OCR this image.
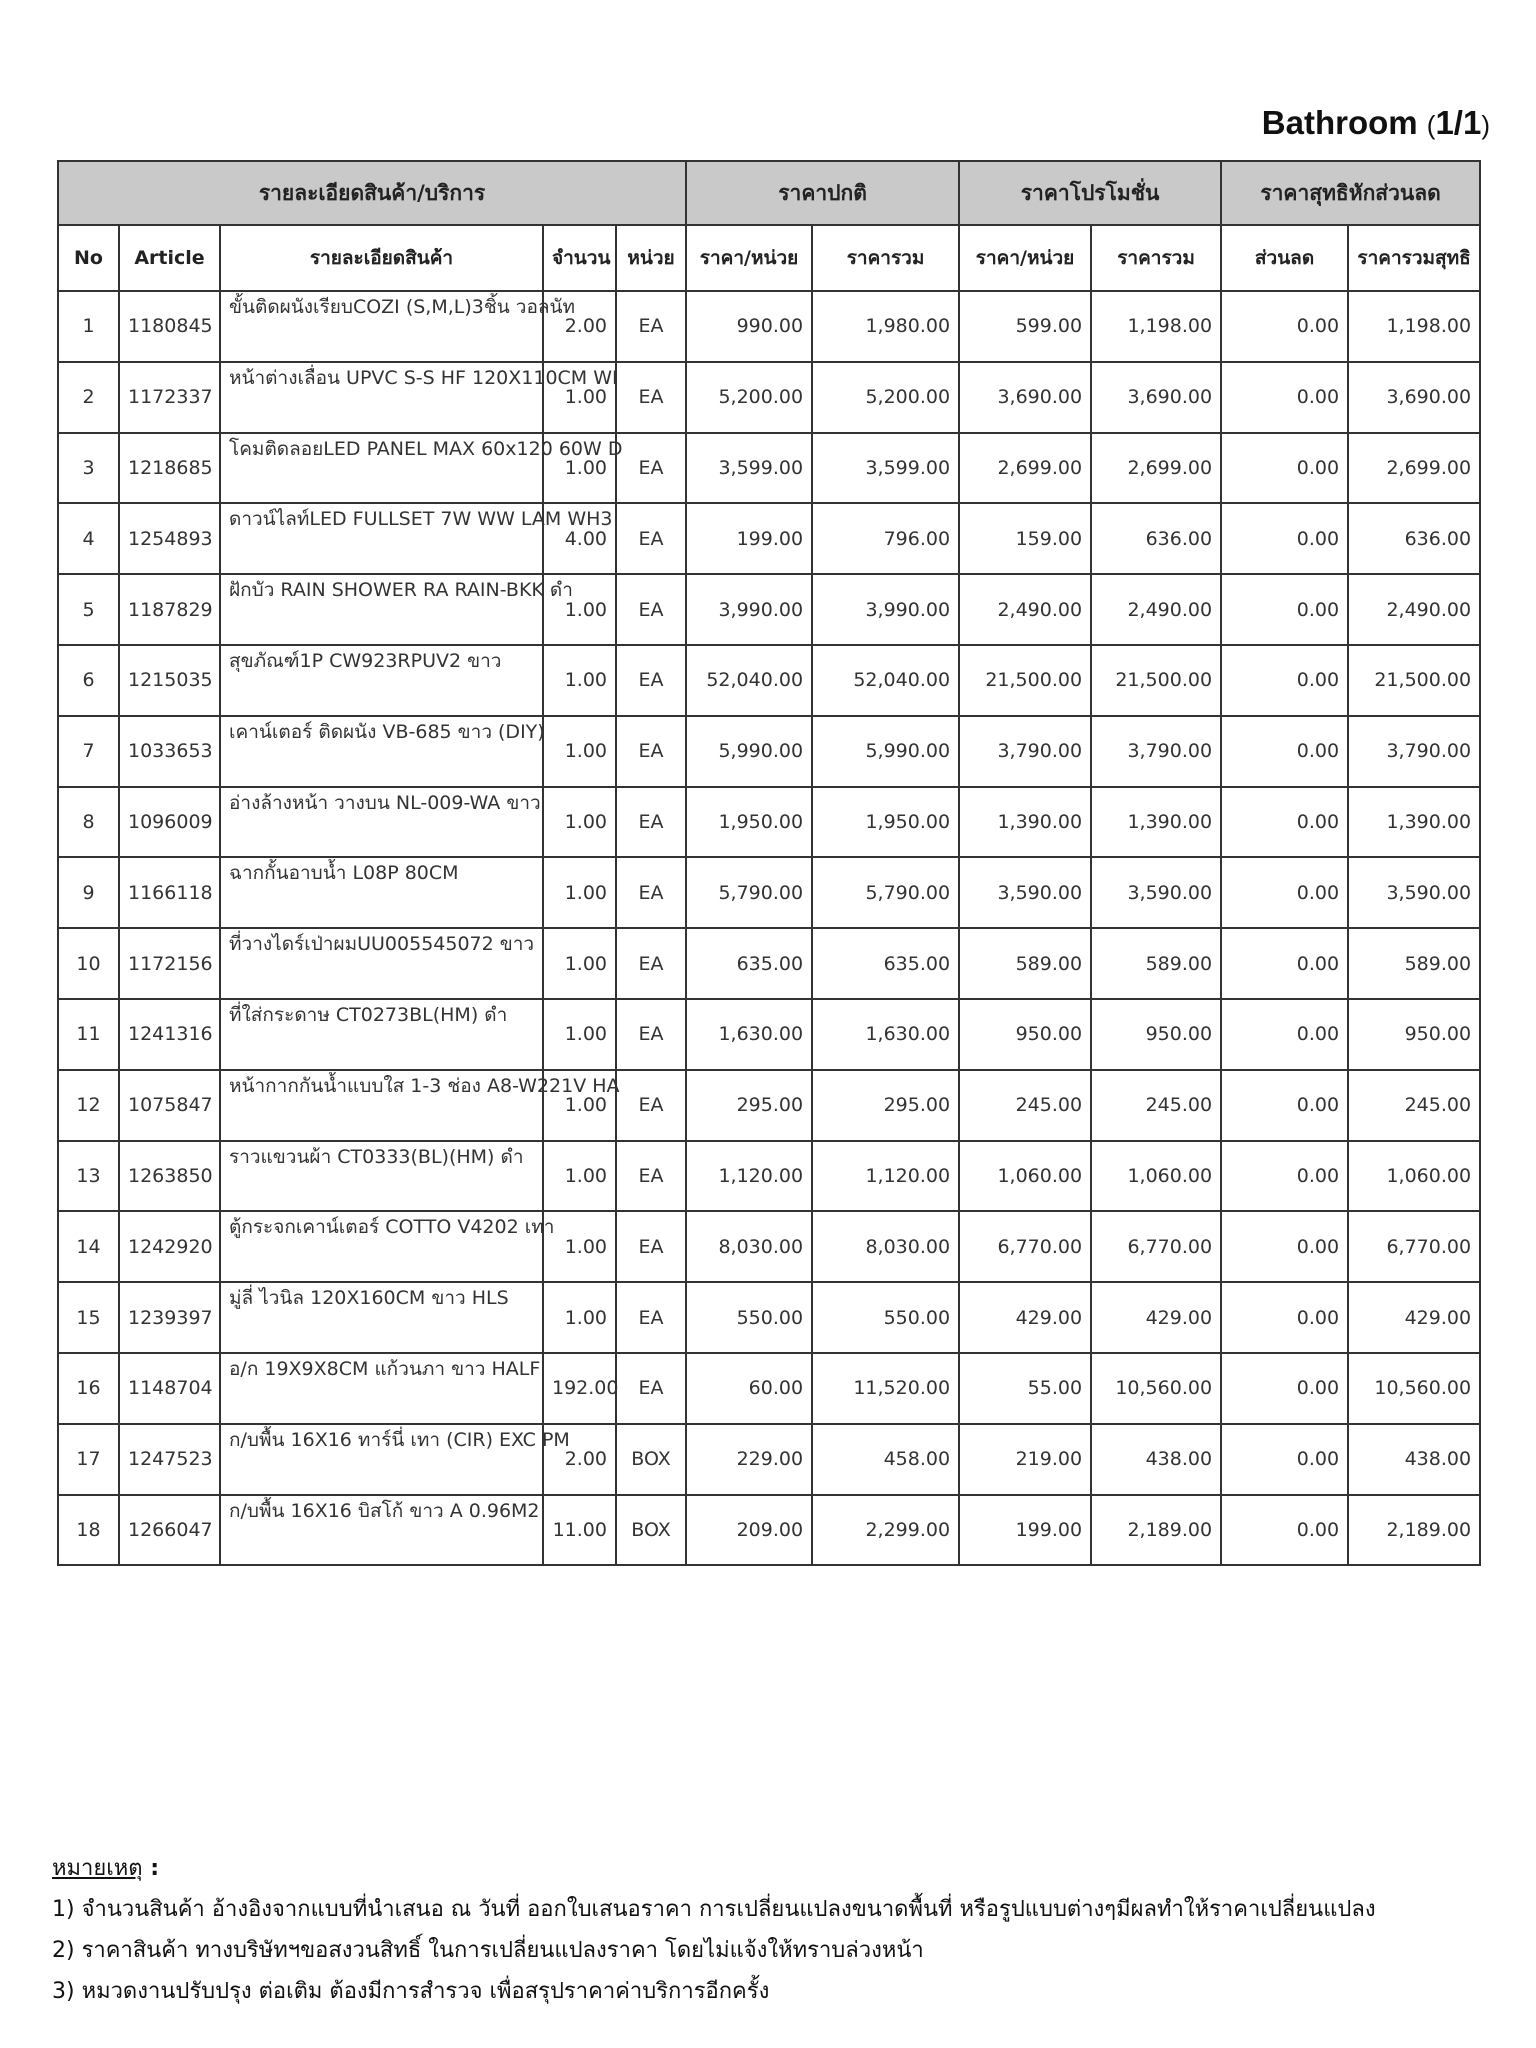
Bathroom (1/1)
รายละเอียดสินค้า/บริการ					ราคาปกติ		ราคาโปรโมชั่น		ราคาสุทธิหักส่วนลด	
No	Article	รายละเอียดสินค้า	จำนวน	หน่วย	ราคา/หน่วย	ราคารวม	ราคา/หน่วย	ราคารวม	ส่วนลด	ราคารวมสุทธิ
1	1180845	ขั้นติดผนังเรียบCOZI (S,M,L)3ชิ้น วอลนัท	2.00	EA	990.00	1,980.00	599.00	1,198.00	0.00	1,198.00
2	1172337	หน้าต่างเลื่อน UPVC S-S HF 120X110CM WI	1.00	EA	5,200.00	5,200.00	3,690.00	3,690.00	0.00	3,690.00
3	1218685	โคมติดลอยLED PANEL MAX 60x120 60W D	1.00	EA	3,599.00	3,599.00	2,699.00	2,699.00	0.00	2,699.00
4	1254893	ดาวน์ไลท์LED FULLSET 7W WW LAM WH3	4.00	EA	199.00	796.00	159.00	636.00	0.00	636.00
5	1187829	ฝักบัว RAIN SHOWER RA RAIN-BKK ดำ	1.00	EA	3,990.00	3,990.00	2,490.00	2,490.00	0.00	2,490.00
6	1215035	สุขภัณฑ์1P CW923RPUV2 ขาว	1.00	EA	52,040.00	52,040.00	21,500.00	21,500.00	0.00	21,500.00
7	1033653	เคาน์เตอร์ ติดผนัง VB-685 ขาว (DIY)	1.00	EA	5,990.00	5,990.00	3,790.00	3,790.00	0.00	3,790.00
8	1096009	อ่างล้างหน้า วางบน NL-009-WA ขาว	1.00	EA	1,950.00	1,950.00	1,390.00	1,390.00	0.00	1,390.00
9	1166118	ฉากกั้นอาบน้ำ L08P 80CM	1.00	EA	5,790.00	5,790.00	3,590.00	3,590.00	0.00	3,590.00
10	1172156	ที่วางไดร์เป่าผมUU005545072 ขาว	1.00	EA	635.00	635.00	589.00	589.00	0.00	589.00
11	1241316	ที่ใส่กระดาษ CT0273BL(HM) ดำ	1.00	EA	1,630.00	1,630.00	950.00	950.00	0.00	950.00
12	1075847	หน้ากากกันน้ำแบบใส 1-3 ช่อง A8-W221V HA	1.00	EA	295.00	295.00	245.00	245.00	0.00	245.00
13	1263850	ราวแขวนผ้า CT0333(BL)(HM) ดำ	1.00	EA	1,120.00	1,120.00	1,060.00	1,060.00	0.00	1,060.00
14	1242920	ตู้กระจกเคาน์เตอร์ COTTO V4202 เทา	1.00	EA	8,030.00	8,030.00	6,770.00	6,770.00	0.00	6,770.00
15	1239397	มู่ลี่ ไวนิล 120X160CM ขาว HLS	1.00	EA	550.00	550.00	429.00	429.00	0.00	429.00
16	1148704	อ/ก 19X9X8CM แก้วนภา ขาว HALF	192.00	EA	60.00	11,520.00	55.00	10,560.00	0.00	10,560.00
17	1247523	ก/บพื้น 16X16 ทาร์นี่ เทา (CIR) EXC PM	2.00	BOX	229.00	458.00	219.00	438.00	0.00	438.00
18	1266047	ก/บพื้น 16X16 บิสโก้ ขาว A 0.96M2	11.00	BOX	209.00	2,299.00	199.00	2,189.00	0.00	2,189.00
หมายเหตุ :
1) จำนวนสินค้า อ้างอิงจากแบบที่นำเสนอ ณ วันที่ ออกใบเสนอราคา การเปลี่ยนแปลงขนาดพื้นที่ หรือรูปแบบต่างๆมีผลทำให้ราคาเปลี่ยนแปลง
2) ราคาสินค้า ทางบริษัทฯขอสงวนสิทธิ์ ในการเปลี่ยนแปลงราคา โดยไม่แจ้งให้ทราบล่วงหน้า
3) หมวดงานปรับปรุง ต่อเติม ต้องมีการสำรวจ เพื่อสรุปราคาค่าบริการอีกครั้ง
